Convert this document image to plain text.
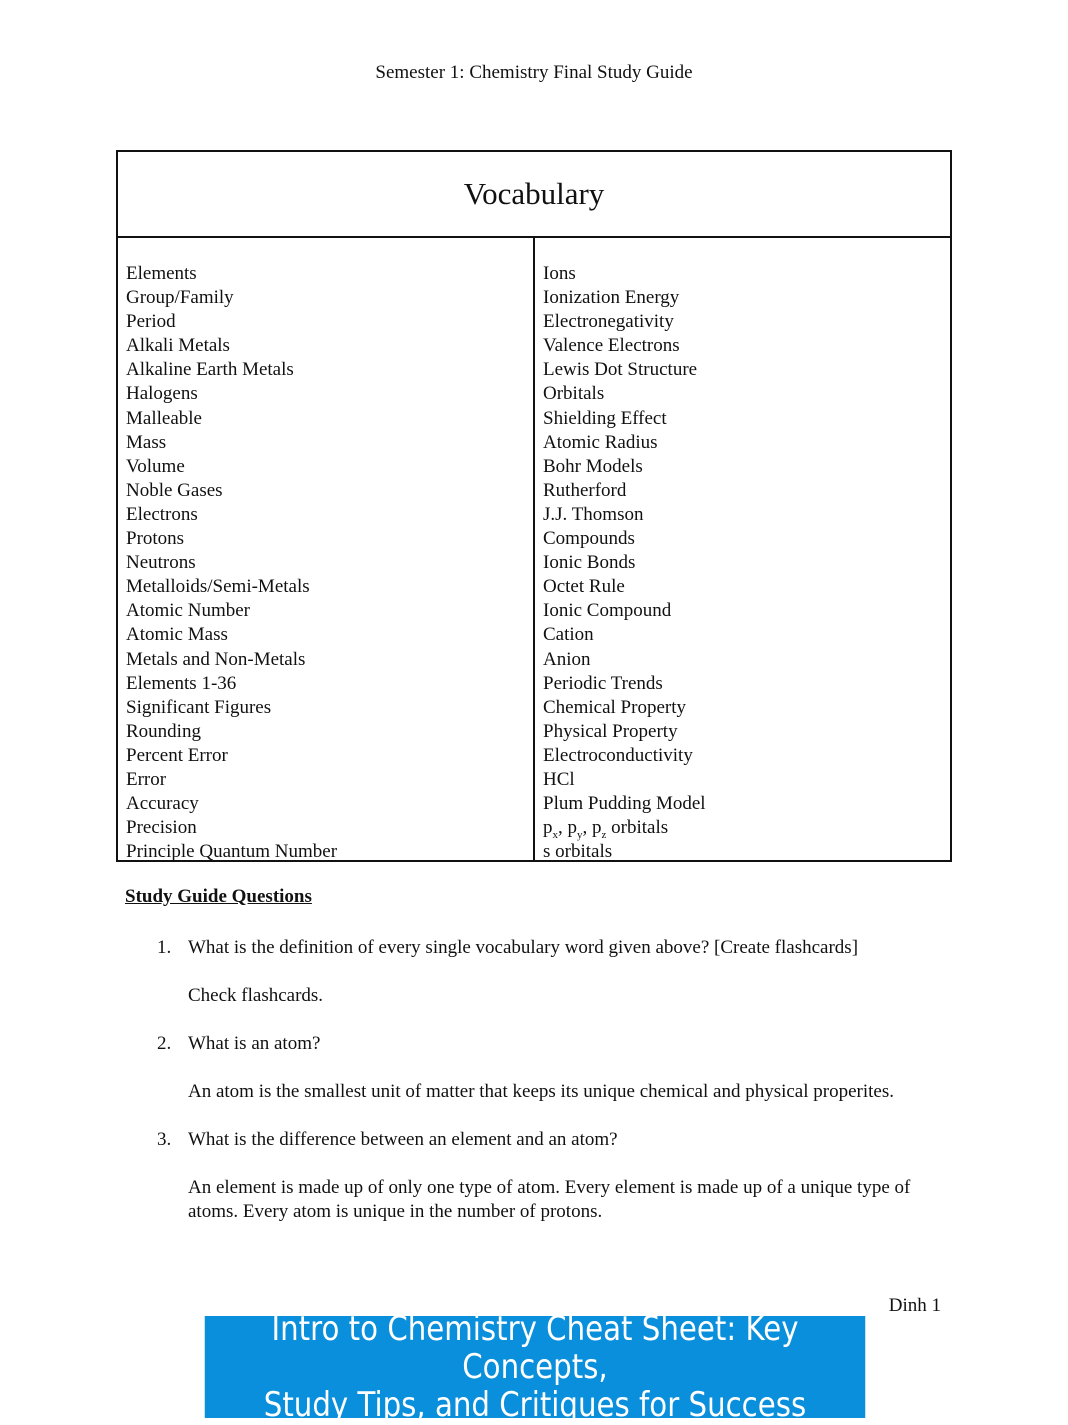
Semester 1: Chemistry Final Study Guide
Vocabulary
Elements
Group/Family
Period
Alkali Metals
Alkaline Earth Metals
Halogens
Malleable
Mass
Volume
Noble Gases
Electrons
Protons
Neutrons
Metalloids/Semi-Metals
Atomic Number
Atomic Mass
Metals and Non-Metals
Elements 1-36
Significant Figures
Rounding
Percent Error
Error
Accuracy
Precision
Principle Quantum Number
Ions
Ionization Energy
Electronegativity
Valence Electrons
Lewis Dot Structure
Orbitals
Shielding Effect
Atomic Radius
Bohr Models
Rutherford
J.J. Thomson
Compounds
Ionic Bonds
Octet Rule
Ionic Compound
Cation
Anion
Periodic Trends
Chemical Property
Physical Property
Electroconductivity
HCl
Plum Pudding Model
$p_x$, $p_y$, $p_z$ orbitals
s orbitals
Study Guide Questions
1. What is the definition of every single vocabulary word given above? [Create flashcards]
Check flashcards.
2. What is an atom?
An atom is the smallest unit of matter that keeps its unique chemical and physical properites.
3. What is the difference between an element and an atom?
An element is made up of only one type of atom. Every element is made up of a unique type of atoms. Every atom is unique in the number of protons.
Dinh 1
Intro to Chemistry Cheat Sheet: Key Concepts,
Study Tips, and Critiques for Success
